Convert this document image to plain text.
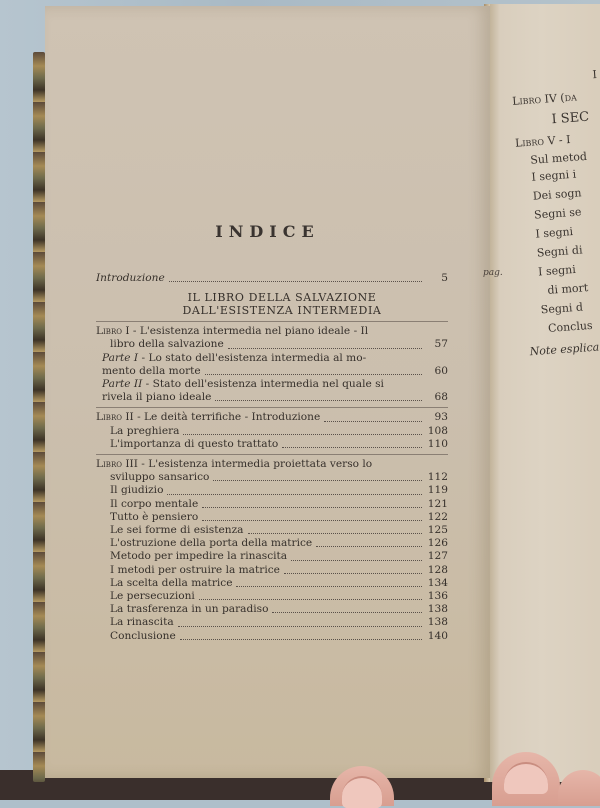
I
Libro IV (da
I SEC
Libro V - I
Sul metod
I segni i
Dei sogn
Segni se
I segni
Segni di
I segni
di mort
Segni d
Conclus
Note esplica
INDICE
pag.
Introduzione	5
IL LIBRO DELLA SALVAZIONE
DALL'ESISTENZA INTERMEDIA
Libro I - L'esistenza intermedia nel piano ideale - Il
libro della salvazione	57
Parte I - Lo stato dell'esistenza intermedia al mo-
mento della morte	60
Parte II - Stato dell'esistenza intermedia nel quale si
rivela il piano ideale	68
Libro II - Le deità terrifiche - Introduzione	93
La preghiera	108
L'importanza di questo trattato	110
Libro III - L'esistenza intermedia proiettata verso lo
sviluppo sansarico	112
Il giudizio	119
Il corpo mentale	121
Tutto è pensiero	122
Le sei forme di esistenza	125
L'ostruzione della porta della matrice	126
Metodo per impedire la rinascita	127
I metodi per ostruire la matrice	128
La scelta della matrice	134
Le persecuzioni	136
La trasferenza in un paradiso	138
La rinascita	138
Conclusione	140
